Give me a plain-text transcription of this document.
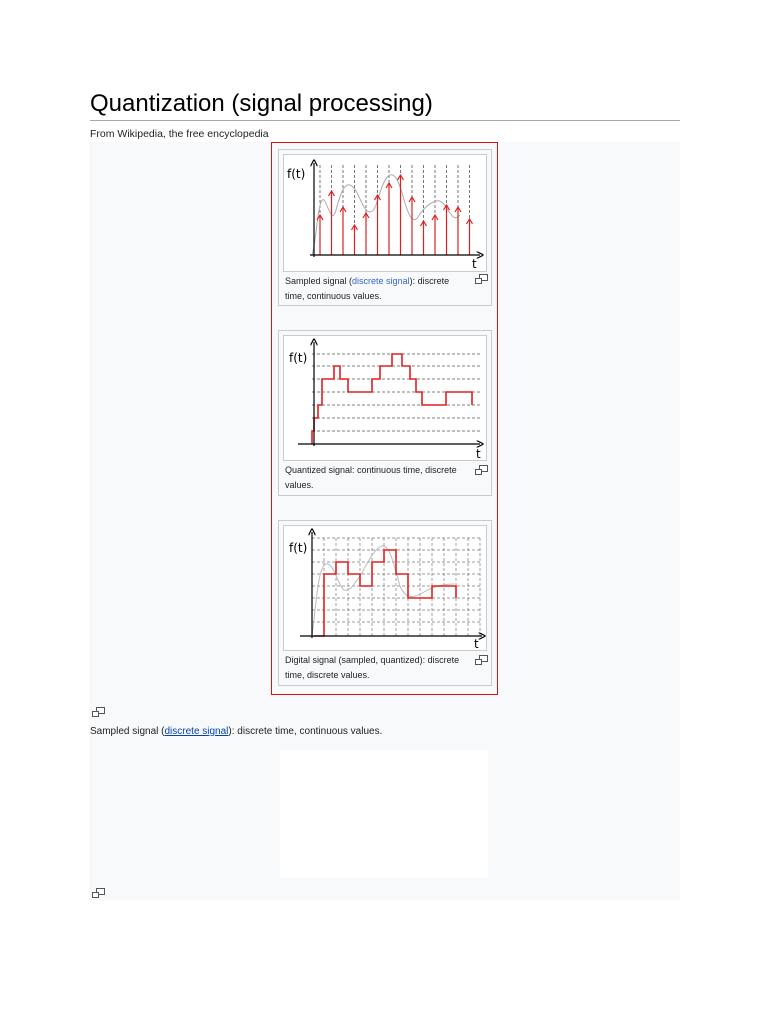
Quantization (signal processing)
From Wikipedia, the free encyclopedia
f(t)
t
Sampled signal (discrete signal): discrete time, continuous values.
f(t)
t
Quantized signal: continuous time, discrete values.
f(t)
t
Digital signal (sampled, quantized): discrete time, discrete values.
Sampled signal (discrete signal): discrete time, continuous values.
